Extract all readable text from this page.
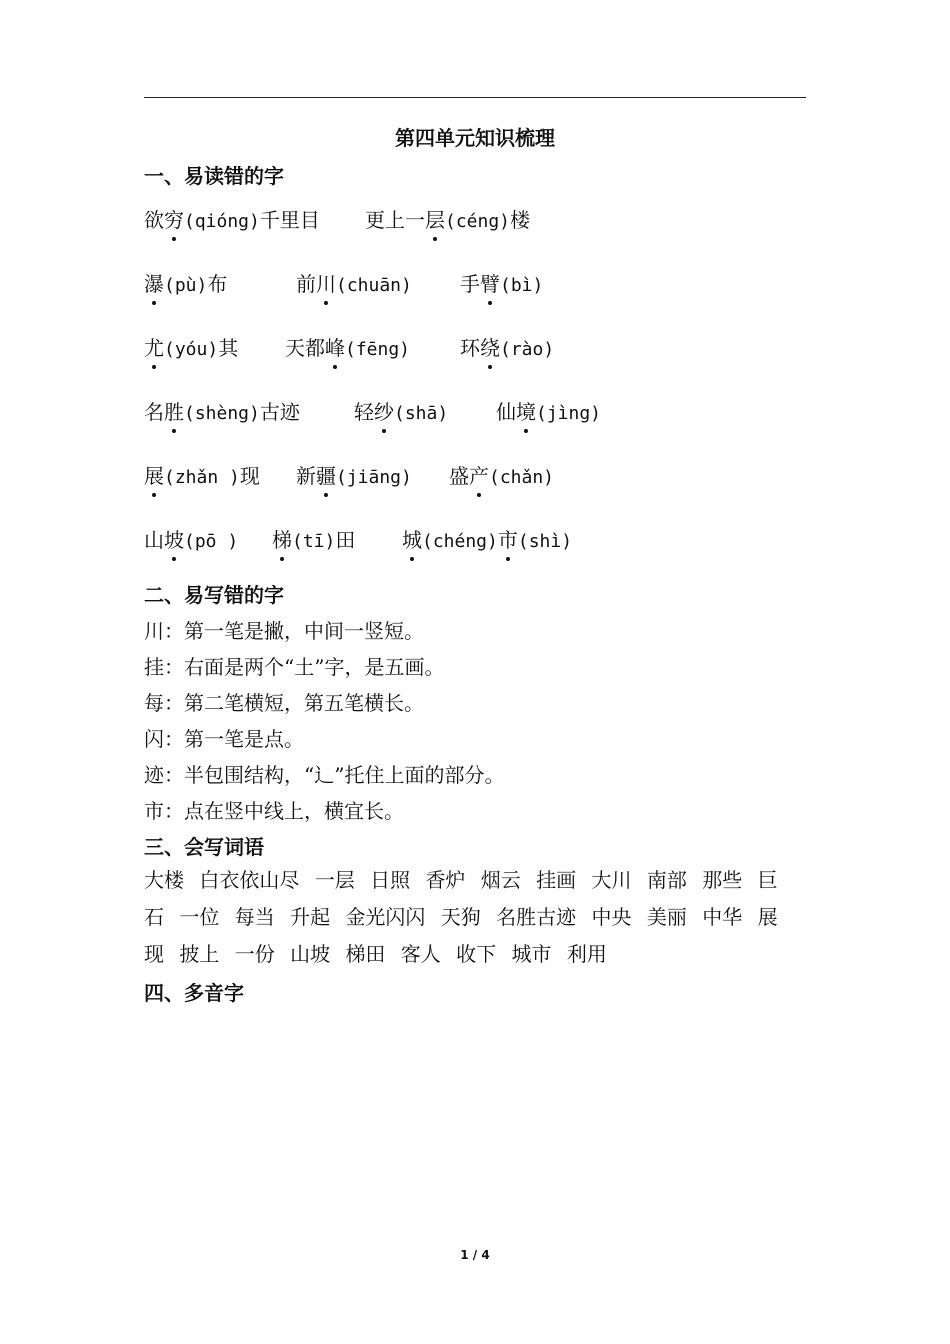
第四单元知识梳理
一、易读错的字
欲穷(qióng)千里目 更上一层(céng)楼
瀑(pù)布	前川(chuān) 手臂(bì)
尤(yóu)其 天都峰(fēng) 环绕(rào)
名胜(shèng)古迹	轻纱(shā) 仙境(jìng)
展(zhǎn )现 新疆(jiāng) 盛产(chǎn)
山坡(pō ) 梯(tī)田 城(chéng)市(shì)
二、易写错的字
川：第一笔是撇，中间一竖短。
挂：右面是两个“土”字，是五画。
每：第二笔横短，第五笔横长。
闪：第一笔是点。
迹：半包围结构，“辶”托住上面的部分。
市：点在竖中线上，横宜长。
三、会写词语
大楼 白衣依山尽 一层 日照 香炉 烟云 挂画 大川 南部 那些 巨石 一位 每当 升起 金光闪闪 天狗 名胜古迹 中央 美丽 中华 展现 披上 一份 山坡 梯田 客人 收下 城市 利用
四、多音字
1 / 4
